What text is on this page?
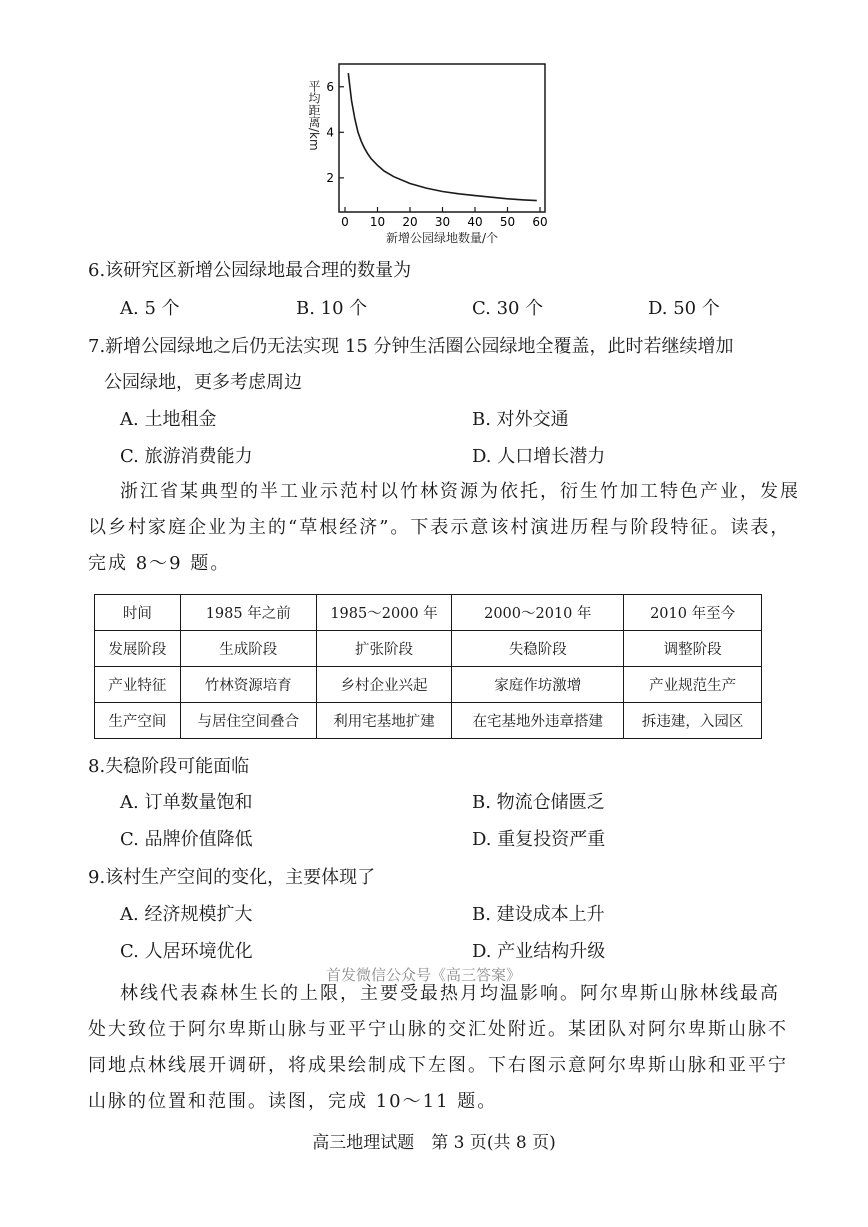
2
4
6
0 10 20 30 40 50 60
新增公园绿地数量/个
平均距离/km
6.该研究区新增公园绿地最合理的数量为
A. 5 个	B. 10 个	C. 30 个	D. 50 个
7.新增公园绿地之后仍无法实现 15 分钟生活圈公园绿地全覆盖，此时若继续增加
公园绿地，更多考虑周边
A. 土地租金	B. 对外交通
C. 旅游消费能力	D. 人口增长潜力
浙江省某典型的半工业示范村以竹林资源为依托，衍生竹加工特色产业，发展
以乡村家庭企业为主的“草根经济”。下表示意该村演进历程与阶段特征。读表，
完成 8～9 题。
时间	1985 年之前	1985～2000 年	2000～2010 年	2010 年至今
发展阶段	生成阶段	扩张阶段	失稳阶段	调整阶段
产业特征	竹林资源培育	乡村企业兴起	家庭作坊激增	产业规范生产
生产空间	与居住空间叠合	利用宅基地扩建	在宅基地外违章搭建	拆违建，入园区
8.失稳阶段可能面临
A. 订单数量饱和	B. 物流仓储匮乏
C. 品牌价值降低	D. 重复投资严重
9.该村生产空间的变化，主要体现了
A. 经济规模扩大	B. 建设成本上升
C. 人居环境优化	D. 产业结构升级
首发微信公众号《高三答案》
林线代表森林生长的上限，主要受最热月均温影响。阿尔卑斯山脉林线最高
处大致位于阿尔卑斯山脉与亚平宁山脉的交汇处附近。某团队对阿尔卑斯山脉不
同地点林线展开调研，将成果绘制成下左图。下右图示意阿尔卑斯山脉和亚平宁
山脉的位置和范围。读图，完成 10～11 题。
高三地理试题　第 3 页(共 8 页)
